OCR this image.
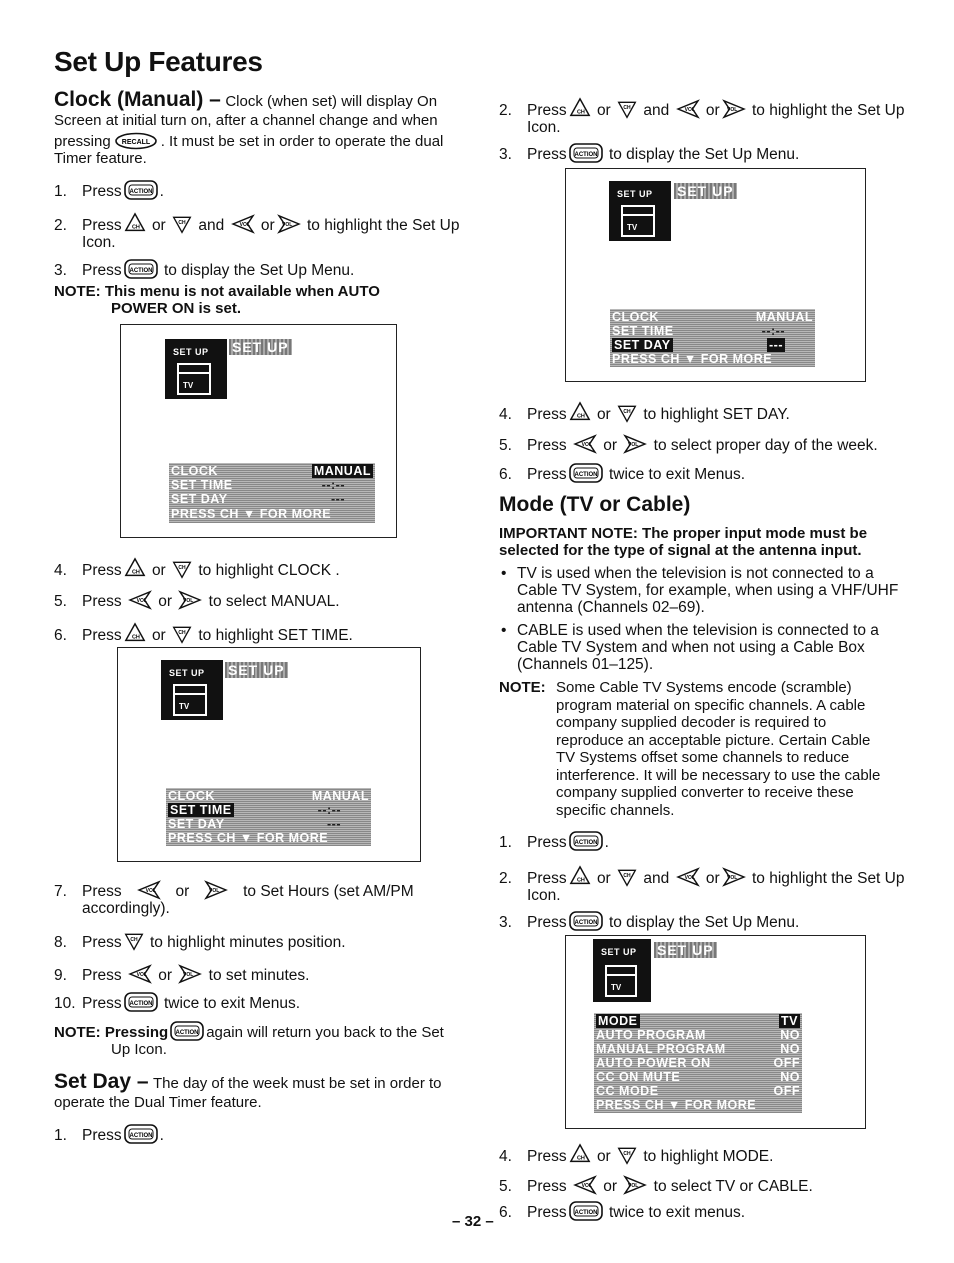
Set Up Features
Clock (Manual) – Clock (when set) will display On
Screen at initial turn on, after a channel change and when
pressing	. It must be set in order to operate the dual
Timer feature.
1. Press .
2. Press or and or to highlight the Set Up
Icon.
3. Press	to display the Set Up Menu.
NOTE: This menu is not available when AUTO
POWER ON is set.
SET UP
TV
SET UP
CLOCK	MANUAL
SET TIME	--:--
SET DAY	---
PRESS CH ▼ FOR MORE
4. Press or to highlight CLOCK .
5. Press or to select MANUAL.
6. Press or to highlight SET TIME.
SET UP
TV
SET UP
CLOCK	MANUAL
SET TIME	--:--
SET DAY	---
PRESS CH ▼ FOR MORE
7. Press	or	to Set Hours (set AM/PM
accordingly).
8. Press to highlight minutes position.
9. Press or to set minutes.
10. Press	twice to exit Menus.
NOTE: Pressing	again will return you back to the Set
Up Icon.
Set Day – The day of the week must be set in order to
operate the Dual Timer feature.
1. Press .
2. Press or and or to highlight the Set Up
Icon.
3. Press	to display the Set Up Menu.
SET UP
TV
SET UP
CLOCK	MANUAL
SET TIME	--:--
SET DAY	---
PRESS CH ▼ FOR MORE
4. Press or to highlight SET DAY.
5. Press or to select proper day of the week.
6. Press	twice to exit Menus.
Mode (TV or Cable)
IMPORTANT NOTE: The proper input mode must be
selected for the type of signal at the antenna input.
• TV is used when the television is not connected to a
Cable TV System, for example, when using a VHF/UHF
antenna (Channels 02–69).
• CABLE is used when the television is connected to a
Cable TV System and when not using a Cable Box
(Channels 01–125).
NOTE: Some Cable TV Systems encode (scramble)
program material on specific channels. A cable
company supplied decoder is required to
reproduce an acceptable picture. Certain Cable
TV Systems offset some channels to reduce
interference. It will be necessary to use the cable
company supplied converter to receive these
specific channels.
1. Press .
2. Press or and or to highlight the Set Up
Icon.
3. Press	to display the Set Up Menu.
SET UP
TV
SET UP
MODE	TV
AUTO PROGRAM	NO
MANUAL PROGRAM	NO
AUTO POWER ON	OFF
CC ON MUTE	NO
CC MODE	OFF
PRESS CH ▼ FOR MORE
4. Press or to highlight MODE.
5. Press or to select TV or CABLE.
6. Press	twice to exit menus.
– 32 –
